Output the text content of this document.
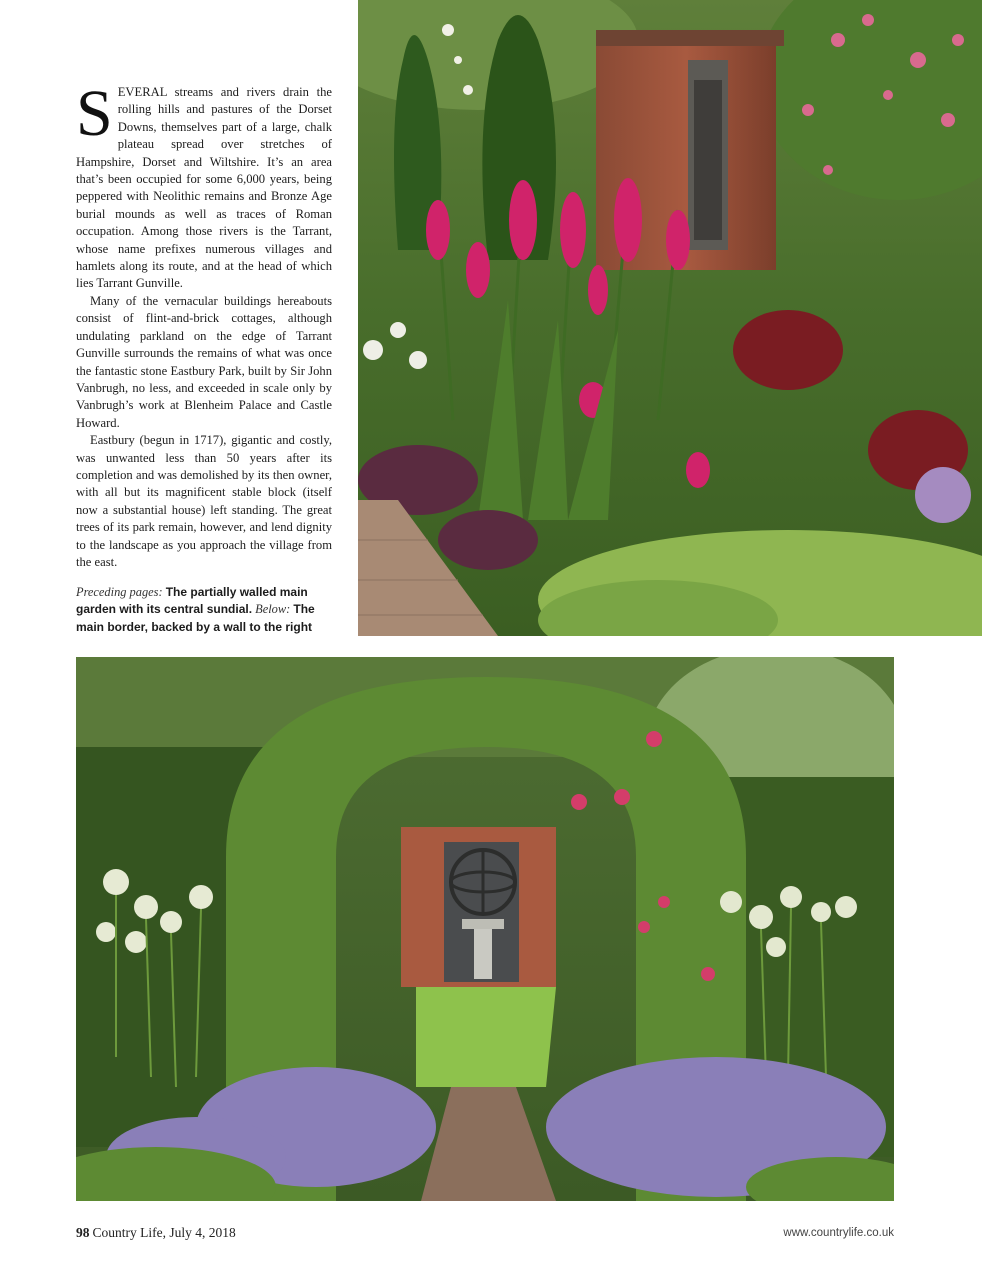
SEVERAL streams and rivers drain the rolling hills and pastures of the Dorset Downs, themselves part of a large, chalk plateau spread over stretches of Hampshire, Dorset and Wiltshire. It’s an area that’s been occupied for some 6,000 years, being peppered with Neolithic remains and Bronze Age burial mounds as well as traces of Roman occupation. Among those rivers is the Tarrant, whose name prefixes numerous villages and hamlets along its route, and at the head of which lies Tarrant Gunville.

Many of the vernacular buildings hereabouts consist of flint-and-brick cottages, although undulating parkland on the edge of Tarrant Gunville surrounds the remains of what was once the fantastic stone Eastbury Park, built by Sir John Vanbrugh, no less, and exceeded in scale only by Vanbrugh’s work at Blenheim Palace and Castle Howard.

Eastbury (begun in 1717), gigantic and costly, was unwanted less than 50 years after its completion and was demolished by its then owner, with all but its magnificent stable block (itself now a substantial house) left standing. The great trees of its park remain, however, and lend dignity to the landscape as you approach the village from the east.

Preceding pages: The partially walled main garden with its central sundial. Below: The main border, backed by a wall to the right
98 Country Life, July 4, 2018	www.countrylife.co.uk
